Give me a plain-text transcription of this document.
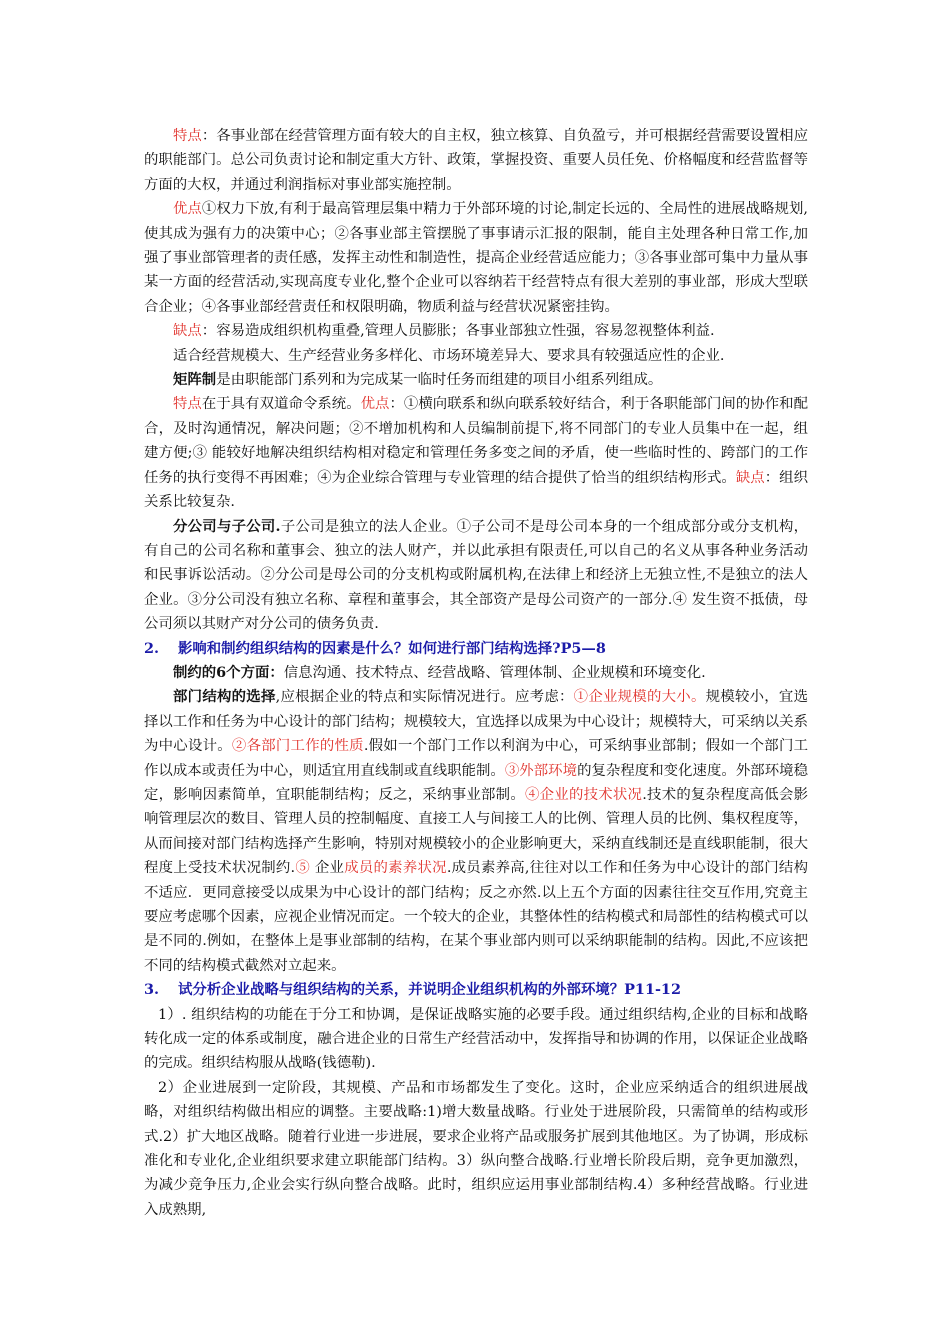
特点：各事业部在经营管理方面有较大的自主权，独立核算、自负盈亏，并可根据经营需要设置相应的职能部门。总公司负责讨论和制定重大方针、政策，掌握投资、重要人员任免、价格幅度和经营监督等方面的大权，并通过利润指标对事业部实施控制。

优点①权力下放,有利于最高管理层集中精力于外部环境的讨论,制定长远的、全局性的进展战略规划,使其成为强有力的决策中心；②各事业部主管摆脱了事事请示汇报的限制，能自主处理各种日常工作,加强了事业部管理者的责任感，发挥主动性和制造性，提高企业经营适应能力；③各事业部可集中力量从事某一方面的经营活动,实现高度专业化,整个企业可以容纳若干经营特点有很大差别的事业部，形成大型联合企业；④各事业部经营责任和权限明确，物质利益与经营状况紧密挂钩。

缺点：容易造成组织机构重叠,管理人员膨胀；各事业部独立性强，容易忽视整体利益.

适合经营规模大、生产经营业务多样化、市场环境差异大、要求具有较强适应性的企业.

矩阵制是由职能部门系列和为完成某一临时任务而组建的项目小组系列组成。

特点在于具有双道命令系统。优点：①横向联系和纵向联系较好结合，利于各职能部门间的协作和配合，及时沟通情况，解决问题；②不增加机构和人员编制前提下,将不同部门的专业人员集中在一起，组建方便;③ 能较好地解决组织结构相对稳定和管理任务多变之间的矛盾，使一些临时性的、跨部门的工作任务的执行变得不再困难；④为企业综合管理与专业管理的结合提供了恰当的组织结构形式。缺点：组织关系比较复杂.

分公司与子公司.子公司是独立的法人企业。①子公司不是母公司本身的一个组成部分或分支机构，有自己的公司名称和董事会、独立的法人财产，并以此承担有限责任,可以自己的名义从事各种业务活动和民事诉讼活动。②分公司是母公司的分支机构或附属机构,在法律上和经济上无独立性,不是独立的法人企业。③分公司没有独立名称、章程和董事会，其全部资产是母公司资产的一部分.④ 发生资不抵债，母公司须以其财产对分公司的债务负责.

2. 影响和制约组织结构的因素是什么？如何进行部门结构选择?P5—8

制约的6个方面：信息沟通、技术特点、经营战略、管理体制、企业规模和环境变化.

部门结构的选择,应根据企业的特点和实际情况进行。应考虑：①企业规模的大小。规模较小，宜选择以工作和任务为中心设计的部门结构；规模较大，宜选择以成果为中心设计；规模特大，可采纳以关系为中心设计。②各部门工作的性质.假如一个部门工作以利润为中心，可采纳事业部制；假如一个部门工作以成本或责任为中心，则适宜用直线制或直线职能制。③外部环境的复杂程度和变化速度。外部环境稳定，影响因素简单，宜职能制结构；反之，采纳事业部制。④企业的技术状况.技术的复杂程度高低会影响管理层次的数目、管理人员的控制幅度、直接工人与间接工人的比例、管理人员的比例、集权程度等，从而间接对部门结构选择产生影响，特别对规模较小的企业影响更大，采纳直线制还是直线职能制，很大程度上受技术状况制约.⑤ 企业成员的素养状况.成员素养高,往往对以工作和任务为中心设计的部门结构不适应．更同意接受以成果为中心设计的部门结构；反之亦然.以上五个方面的因素往往交互作用,究竟主要应考虑哪个因素，应视企业情况而定。一个较大的企业，其整体性的结构模式和局部性的结构模式可以是不同的.例如，在整体上是事业部制的结构，在某个事业部内则可以采纳职能制的结构。因此,不应该把不同的结构模式截然对立起来。

3. 试分析企业战略与组织结构的关系，并说明企业组织机构的外部环境？P11-12

1）. 组织结构的功能在于分工和协调，是保证战略实施的必要手段。通过组织结构,企业的目标和战略转化成一定的体系或制度，融合进企业的日常生产经营活动中，发挥指导和协调的作用，以保证企业战略的完成。组织结构服从战略(钱德勒).

2）企业进展到一定阶段，其规模、产品和市场都发生了变化。这时，企业应采纳适合的组织进展战略，对组织结构做出相应的调整。主要战略:1)增大数量战略。行业处于进展阶段，只需简单的结构或形式.2）扩大地区战略。随着行业进一步进展，要求企业将产品或服务扩展到其他地区。为了协调，形成标准化和专业化,企业组织要求建立职能部门结构。3）纵向整合战略.行业增长阶段后期，竞争更加激烈，为减少竞争压力,企业会实行纵向整合战略。此时，组织应运用事业部制结构.4）多种经营战略。行业进入成熟期,
